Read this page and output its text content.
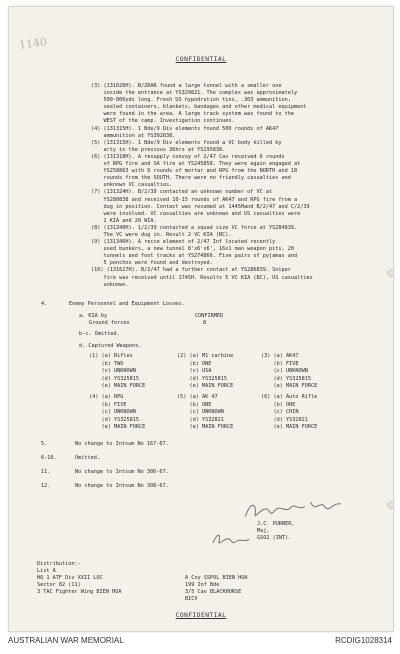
1140
CONFIDENTIAL
(3) (131020H). B/2RAR found a large tunnel with a smaller one
inside the entrance at YS329821. The complex was approximately
500-800yds long. Fresh US hypodrution tins, .303 ammunition,
sealed containers, blankets, bandages and other medical equipment
were found in the area. A large track system was found to the
WEST of the camp. Investigation continues.
(4) (131315H). 1 Bde/9 Div elements found 500 rounds of AK47
ammunition at YS302838.
(5) (131315H). 1 Bde/9 Div elements found a VC body killed by
arty in the previous 36hrs at YS295838.
(6) (131318H). A resupply convoy of 2/47 Cav received 6 rounds
of RPG fire and SA fire at YS245858. They were again engaged at
YS258863 with 6 rounds of mortar and RPG from the NORTH and 18
rounds from the SOUTH. There were no friendly casualties and
unknown VC casualties.
(7) (131324H). B/2/39 contacted an unknown number of VC at
YS280838 and received 10-15 rounds of AK47 and RPG fire from a
dug in position. Contact was resumed at 1445Hand B/2/47 and C/2/39
were involved. VC casualties are unknown and US casualties were
2 KIA and 20 WIA.
(8) (131340H). 1/2/39 contacted a squad size VC force at YS284839.
The VC were dug in. Result 2 VC KIA (BC).
(9) (131346H). A recce element of 2/47 Inf located recently
used bunkers, a new tunnel 8'x6'x6', 16x1 man weapon pits, 20
tunnels and foot tracks at YS274866. Five pairs of pyjamas and
5 ponchos were found and destroyed.
(10) (131627H). B/2/47 had a further contact at YS286839. Sniper
fire was received until 1745H. Results 5 VC KIA (BC), US casualties
unknown.
4.	Enemy Personnel and Equipment Losses.
a. KIA by	CONFIRMED
Ground forces	8
b-c. Omitted.
d. Captured Weapons.
(1) (a) Rifles
(b) TWO
(c) UNKNOWN
(d) YS325815
(e) MAIN FORCE
(2) (a) M1 carbine
(b) ONE
(c) USA
(d) YS325815
(e) MAIN FORCE
(3) (a) AK47
(b) FIVE
(c) UNKNOWN
(d) YS325815
(e) MAIN FORCE
(4) (a) RPG
(b) FIVE
(c) UNKNOWN
(d) YS325815
(e) MAIN FORCE
(5) (a) AK 47
(b) ONE
(c) UNKNOWN
(d) YS32821
(e) MAIN FORCE
(6) (a) Auto Rifle
(b) ONE
(c) CHIN
(d) YS32821
(e) MAIN FORCE
5.	No change to Intsum No 167-67.
6-10.	Omitted.
11.	No change to Intsum No 300-67.
12.	No change to Intsum No 308-67.
J.C. PURNER,
Maj,
GSO2 (INT).
Distribution:-
List A
HQ 1 ATF Div XXII LOC
Sector 82 (11)
3 TAC Fighter Wing BIEN HOA
A Coy SSPOL BIEN HOA
199 Inf Bde
3/5 Cav BLACKHORSE
BICV
CONFIDENTIAL
AUSTRALIAN WAR MEMORIAL	RCDIG1028314
